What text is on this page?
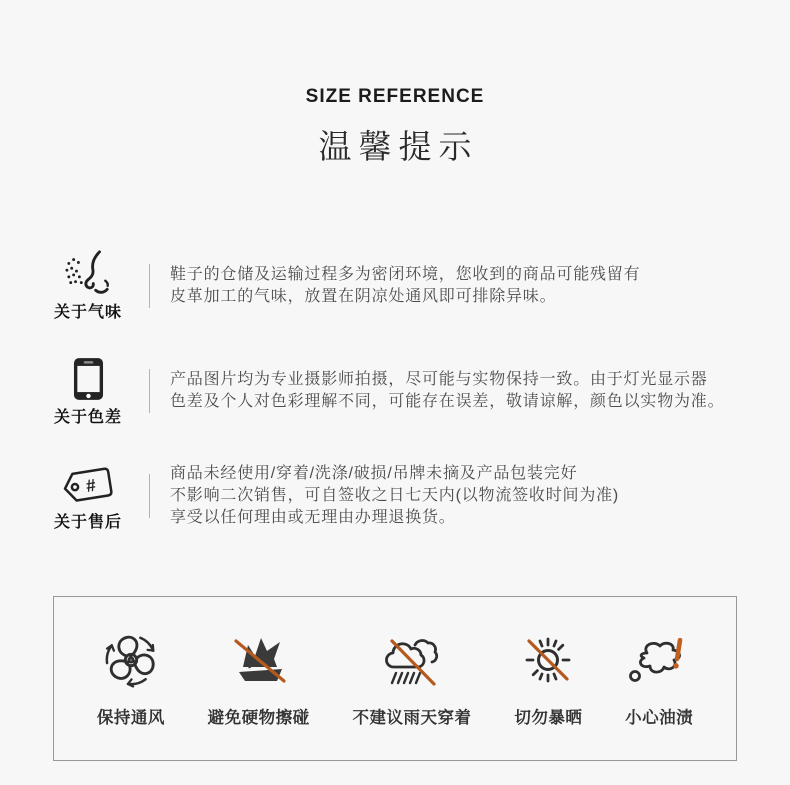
SIZE REFERENCE
温馨提示
关于气味

鞋子的仓储及运输过程多为密闭环境，您收到的商品可能残留有

皮革加工的气味，放置在阴凉处通风即可排除异味。

关于色差

产品图片均为专业摄影师拍摄，尽可能与实物保持一致。由于灯光显示器

色差及个人对色彩理解不同，可能存在误差，敬请谅解，颜色以实物为准。

#
关于售后

商品未经使用/穿着/洗涤/破损/吊牌未摘及产品包装完好

不影响二次销售，可自签收之日七天内(以物流签收时间为准)

享受以任何理由或无理由办理退换货。

保持通风	避免硬物擦碰	不建议雨天穿着	切勿暴晒	小心油渍
